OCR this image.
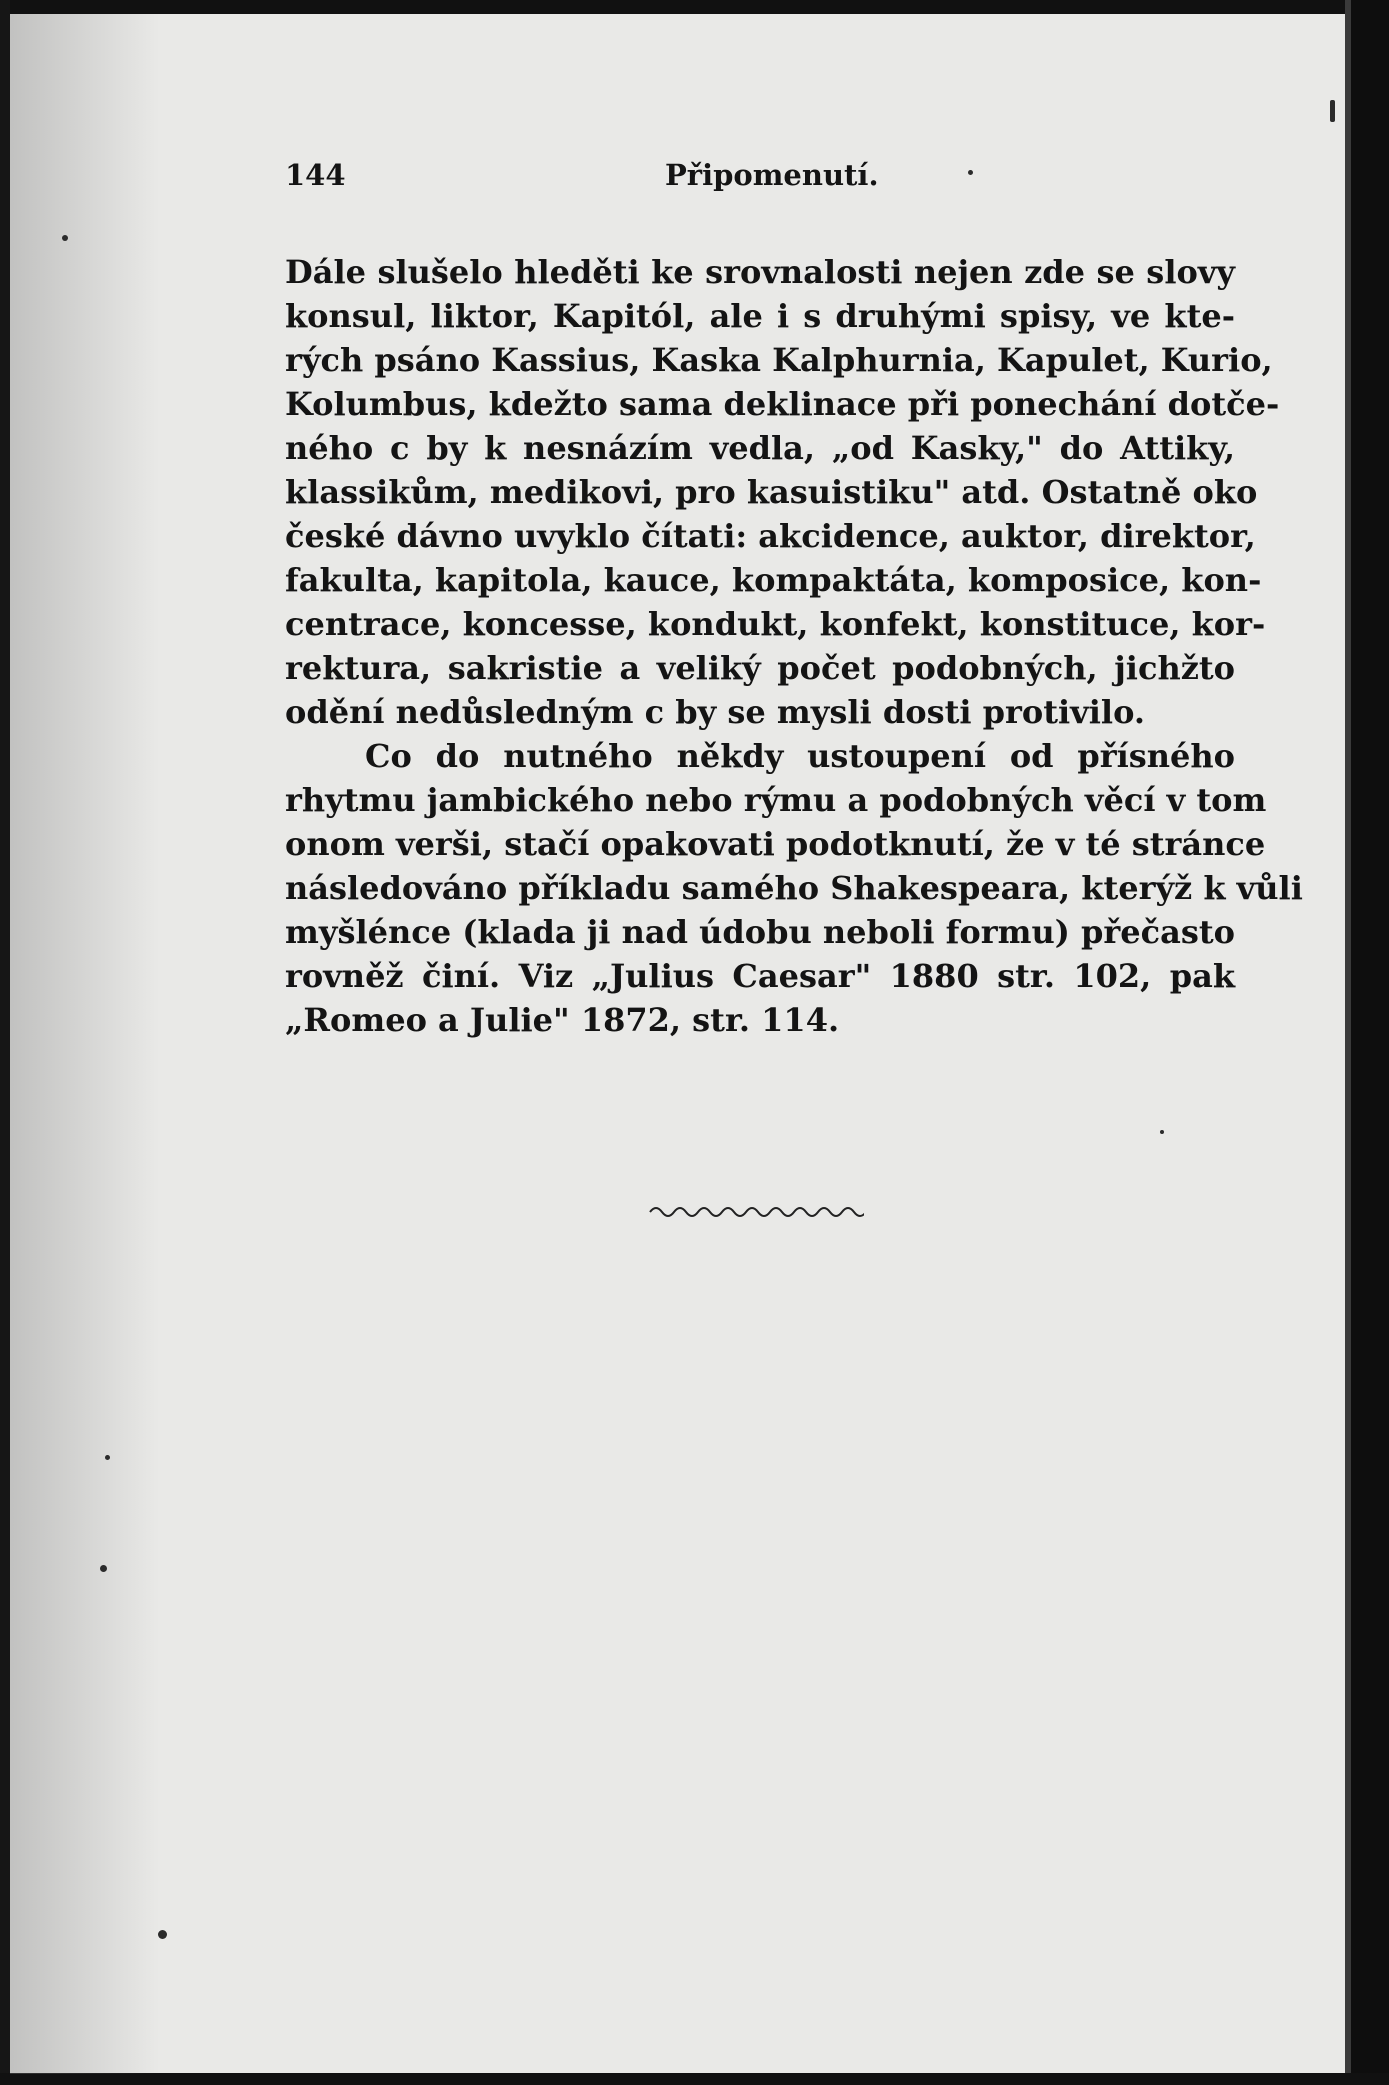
144	Připomenutí.
Dále slušelo hleděti ke srovnalosti nejen zde se slovy
konsul, liktor, Kapitól, ale i s druhými spisy, ve kte-
rých psáno Kassius, Kaska Kalphurnia, Kapulet, Kurio,
Kolumbus, kdežto sama deklinace při ponechání dotče-
ného c by k nesnázím vedla, „od Kasky," do Attiky,
klassikům, medikovi, pro kasuistiku" atd. Ostatně oko
české dávno uvyklo čítati: akcidence, auktor, direktor,
fakulta, kapitola, kauce, kompaktáta, komposice, kon-
centrace, koncesse, kondukt, konfekt, konstituce, kor-
rektura, sakristie a veliký počet podobných, jichžto
odění nedůsledným c by se mysli dosti protivilo.
Co do nutného někdy ustoupení od přísného
rhytmu jambického nebo rýmu a podobných věcí v tom
onom verši, stačí opakovati podotknutí, že v té stránce
následováno příkladu samého Shakespeara, kterýž k vůli
myšlénce (klada ji nad údobu neboli formu) přečasto
rovněž činí. Viz „Julius Caesar" 1880 str. 102, pak
„Romeo a Julie" 1872, str. 114.
